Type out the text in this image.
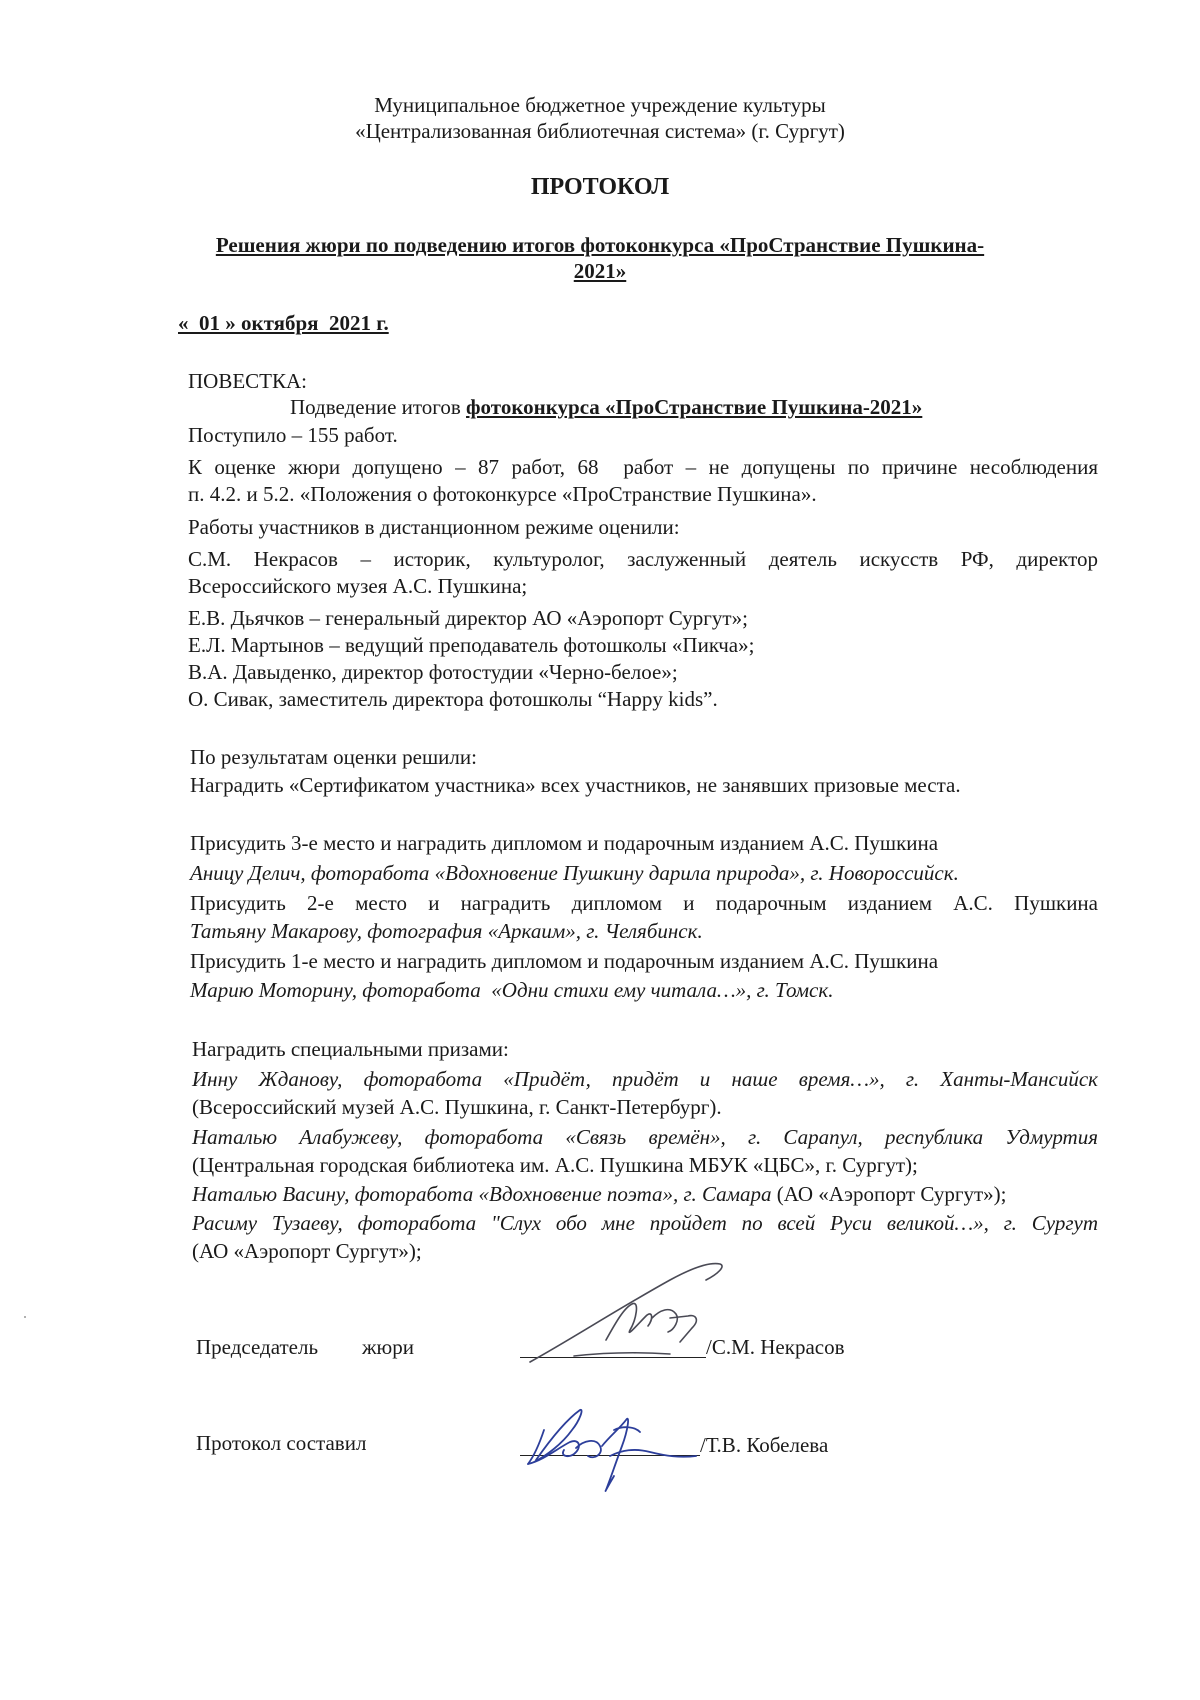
Муниципальное бюджетное учреждение культуры

«Централизованная библиотечная система» (г. Сургут)

ПРОТОКОЛ

Решения жюри по подведению итогов фотоконкурса «ПроСтранствие Пушкина-

2021»

«  01 » октября  2021 г.

ПОВЕСТКА:

Подведение итогов фотоконкурса «ПроСтранствие Пушкина-2021»

Поступило – 155 работ.

К оценке жюри допущено – 87 работ, 68  работ – не допущены по причине несоблюдения

п. 4.2. и 5.2. «Положения о фотоконкурсе «ПроСтранствие Пушкина».

Работы участников в дистанционном режиме оценили:

С.М. Некрасов – историк, культуролог, заслуженный деятель искусств РФ, директор

Всероссийского музея А.С. Пушкина;

Е.В. Дьячков – генеральный директор АО «Аэропорт Сургут»;

Е.Л. Мартынов – ведущий преподаватель фотошколы «Пикча»;

В.А. Давыденко, директор фотостудии «Черно-белое»;

О. Сивак, заместитель директора фотошколы “Happy kids”.

По результатам оценки решили:

Наградить «Сертификатом участника» всех участников, не занявших призовые места.

Присудить 3-е место и наградить дипломом и подарочным изданием А.С. Пушкина

Аницу Делич, фоторабота «Вдохновение Пушкину дарила природа», г. Новороссийск.

Присудить 2-е место и наградить дипломом и подарочным изданием А.С. Пушкина

Татьяну Макарову, фотография «Аркаим», г. Челябинск.

Присудить 1-е место и наградить дипломом и подарочным изданием А.С. Пушкина

Марию Моторину, фоторабота  «Одни стихи ему читала…», г. Томск.

Наградить специальными призами:

Инну Жданову, фоторабота «Придёт, придёт и наше время…», г. Ханты-Мансийск

(Всероссийский музей А.С. Пушкина, г. Санкт-Петербург).

Наталью Алабужеву, фоторабота «Связь времён», г. Сарапул, республика Удмуртия

(Центральная городская библиотека им. А.С. Пушкина МБУК «ЦБС», г. Сургут);

Наталью Васину, фоторабота «Вдохновение поэта», г. Самара (АО «Аэропорт Сургут»);

Расиму Тузаеву, фоторабота "Слух обо мне пройдет по всей Руси великой…», г. Сургут

(АО «Аэропорт Сургут»);

Председатель жюри	/С.М. Некрасов

Протокол составил	/Т.В. Кобелева
